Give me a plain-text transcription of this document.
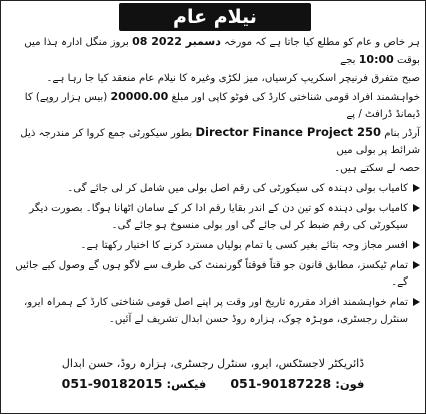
نیلام عام
ہر خاص و عام کو مطلع کیا جاتا ہے کہ مورخہ 08 دسمبر 2022 بروز منگل ادارہ ہذا میں بوقت 10:00 بجے
صبح متفرق فرنیچر اسکریپ کرسیاں، میز لکڑی وغیرہ کا نیلام عام منعقد کیا جا رہا ہے۔
خواہشمند افراد قومی شناختی کارڈ کی فوٹو کاپی اور مبلغ 20000.00 (بیس ہزار روپے) کا ڈیمانڈ ڈرافٹ / پے
آرڈر بنام Director Finance Project 250 بطور سیکورٹی جمع کروا کر مندرجہ ذیل شرائط پر بولی میں
حصہ لے سکتے ہیں۔
کامیاب بولی دہندہ کی سیکورٹی کی رقم اصل بولی میں شامل کر لی جائے گی۔
کامیاب بولی دہندہ کو تین دن کے اندر بقایا رقم ادا کر کے سامان اٹھانا ہوگا۔ بصورت دیگر سیکورٹی کی رقم ضبط کر لی جائے گی اور بولی منسوخ ہو جائے گی۔
افسر مجاز وجہ بتائے بغیر کسی یا تمام بولیاں مسترد کرنے کا اختیار رکھتا ہے۔
تمام ٹیکسز، مطابق قانون جو قتاً فوقتاً گورنمنٹ کی طرف سے لاگو ہوں گے وصول کیے جائیں گے۔
تمام خواہشمند افراد مقررہ تاریخ اور وقت پر اپنے اصل قومی شناختی کارڈ کے ہمراہ ایرو، سنٹرل رجسٹری، موہڑہ چوک، ہزارہ روڈ حسن ابدال تشریف لے آئیں۔
ڈائریکٹر لاجسٹکس، ایرو، سنٹرل رجسٹری، ہزارہ روڈ، حسن ابدال
فون: 051-90187228  فیکس: 051-90182015
